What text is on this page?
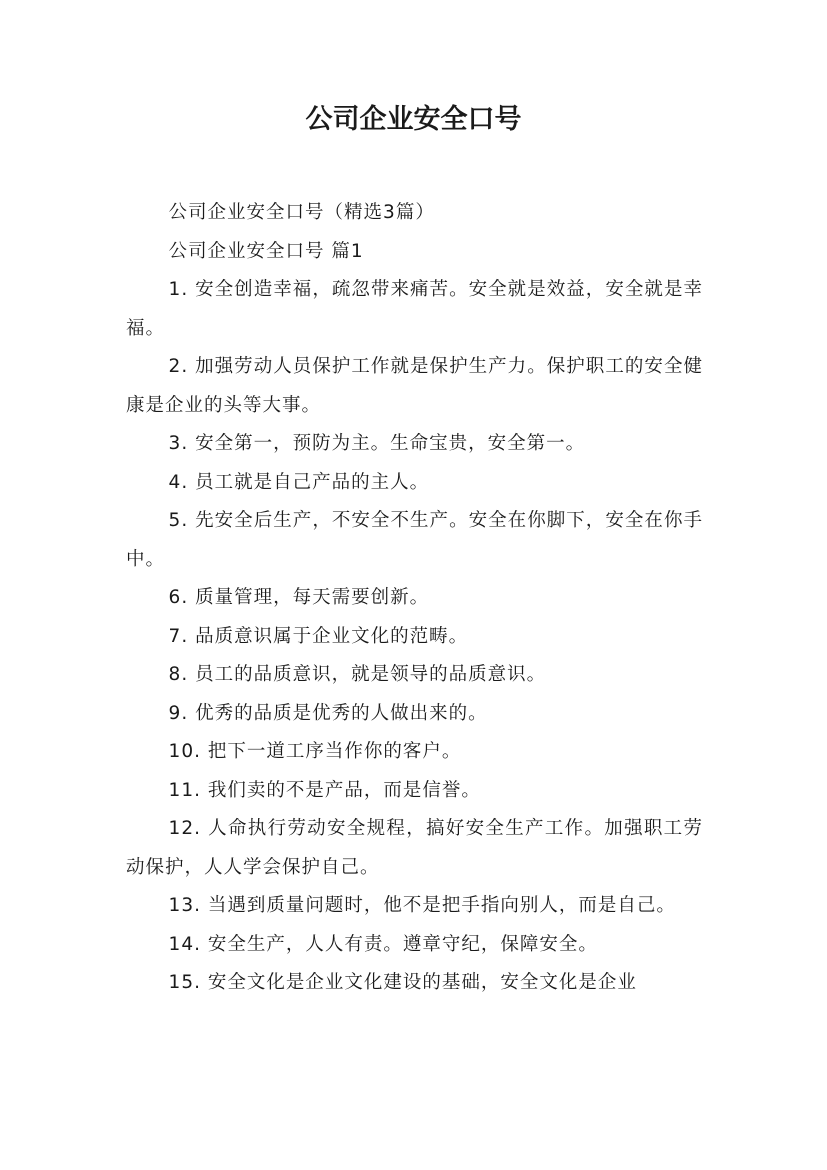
公司企业安全口号

公司企业安全口号（精选3篇）

公司企业安全口号 篇1

1. 安全创造幸福，疏忽带来痛苦。安全就是效益，安全就是幸福。

2. 加强劳动人员保护工作就是保护生产力。保护职工的安全健康是企业的头等大事。

3. 安全第一，预防为主。生命宝贵，安全第一。

4. 员工就是自己产品的主人。

5. 先安全后生产，不安全不生产。安全在你脚下，安全在你手中。

6. 质量管理，每天需要创新。

7. 品质意识属于企业文化的范畴。

8. 员工的品质意识，就是领导的品质意识。

9. 优秀的品质是优秀的人做出来的。

10. 把下一道工序当作你的客户。

11. 我们卖的不是产品，而是信誉。

12. 人命执行劳动安全规程，搞好安全生产工作。加强职工劳动保护，人人学会保护自己。

13. 当遇到质量问题时，他不是把手指向别人，而是自己。

14. 安全生产，人人有责。遵章守纪，保障安全。

15. 安全文化是企业文化建设的基础，安全文化是企业
